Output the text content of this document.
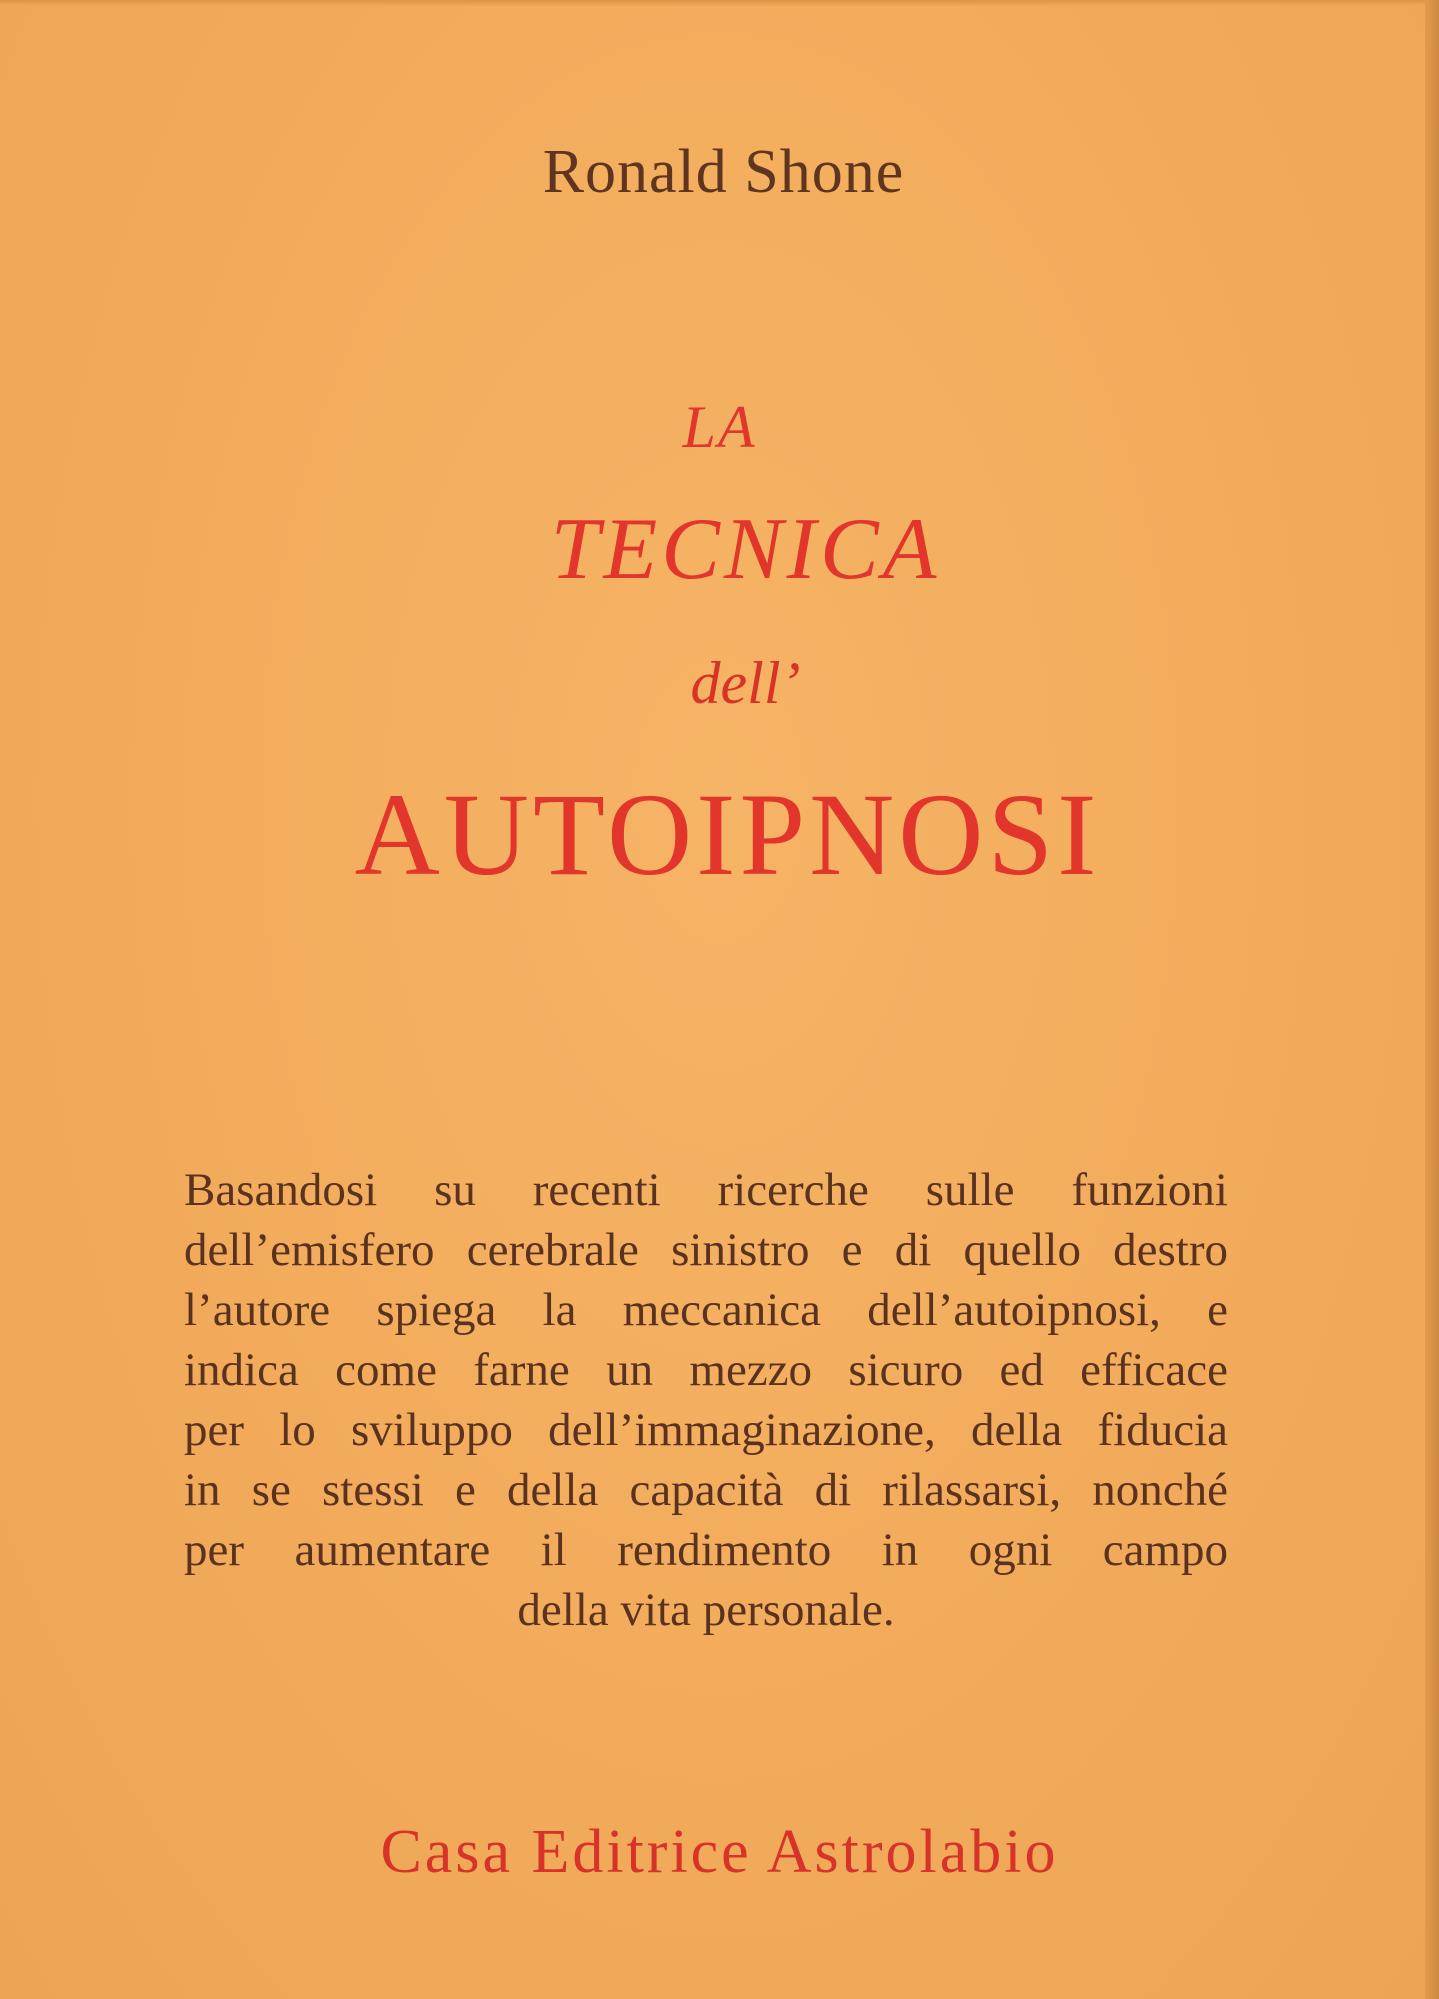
Ronald Shone
LA
TECNICA
dell’
AUTOIPNOSI
Basandosi su recenti ricerche sulle funzioni
dell’emisfero cerebrale sinistro e di quello destro
l’autore spiega la meccanica dell’autoipnosi, e
indica come farne un mezzo sicuro ed efficace
per lo sviluppo dell’immaginazione, della fiducia
in se stessi e della capacità di rilassarsi, nonché
per aumentare il rendimento in ogni campo
della vita personale.
Casa Editrice Astrolabio
